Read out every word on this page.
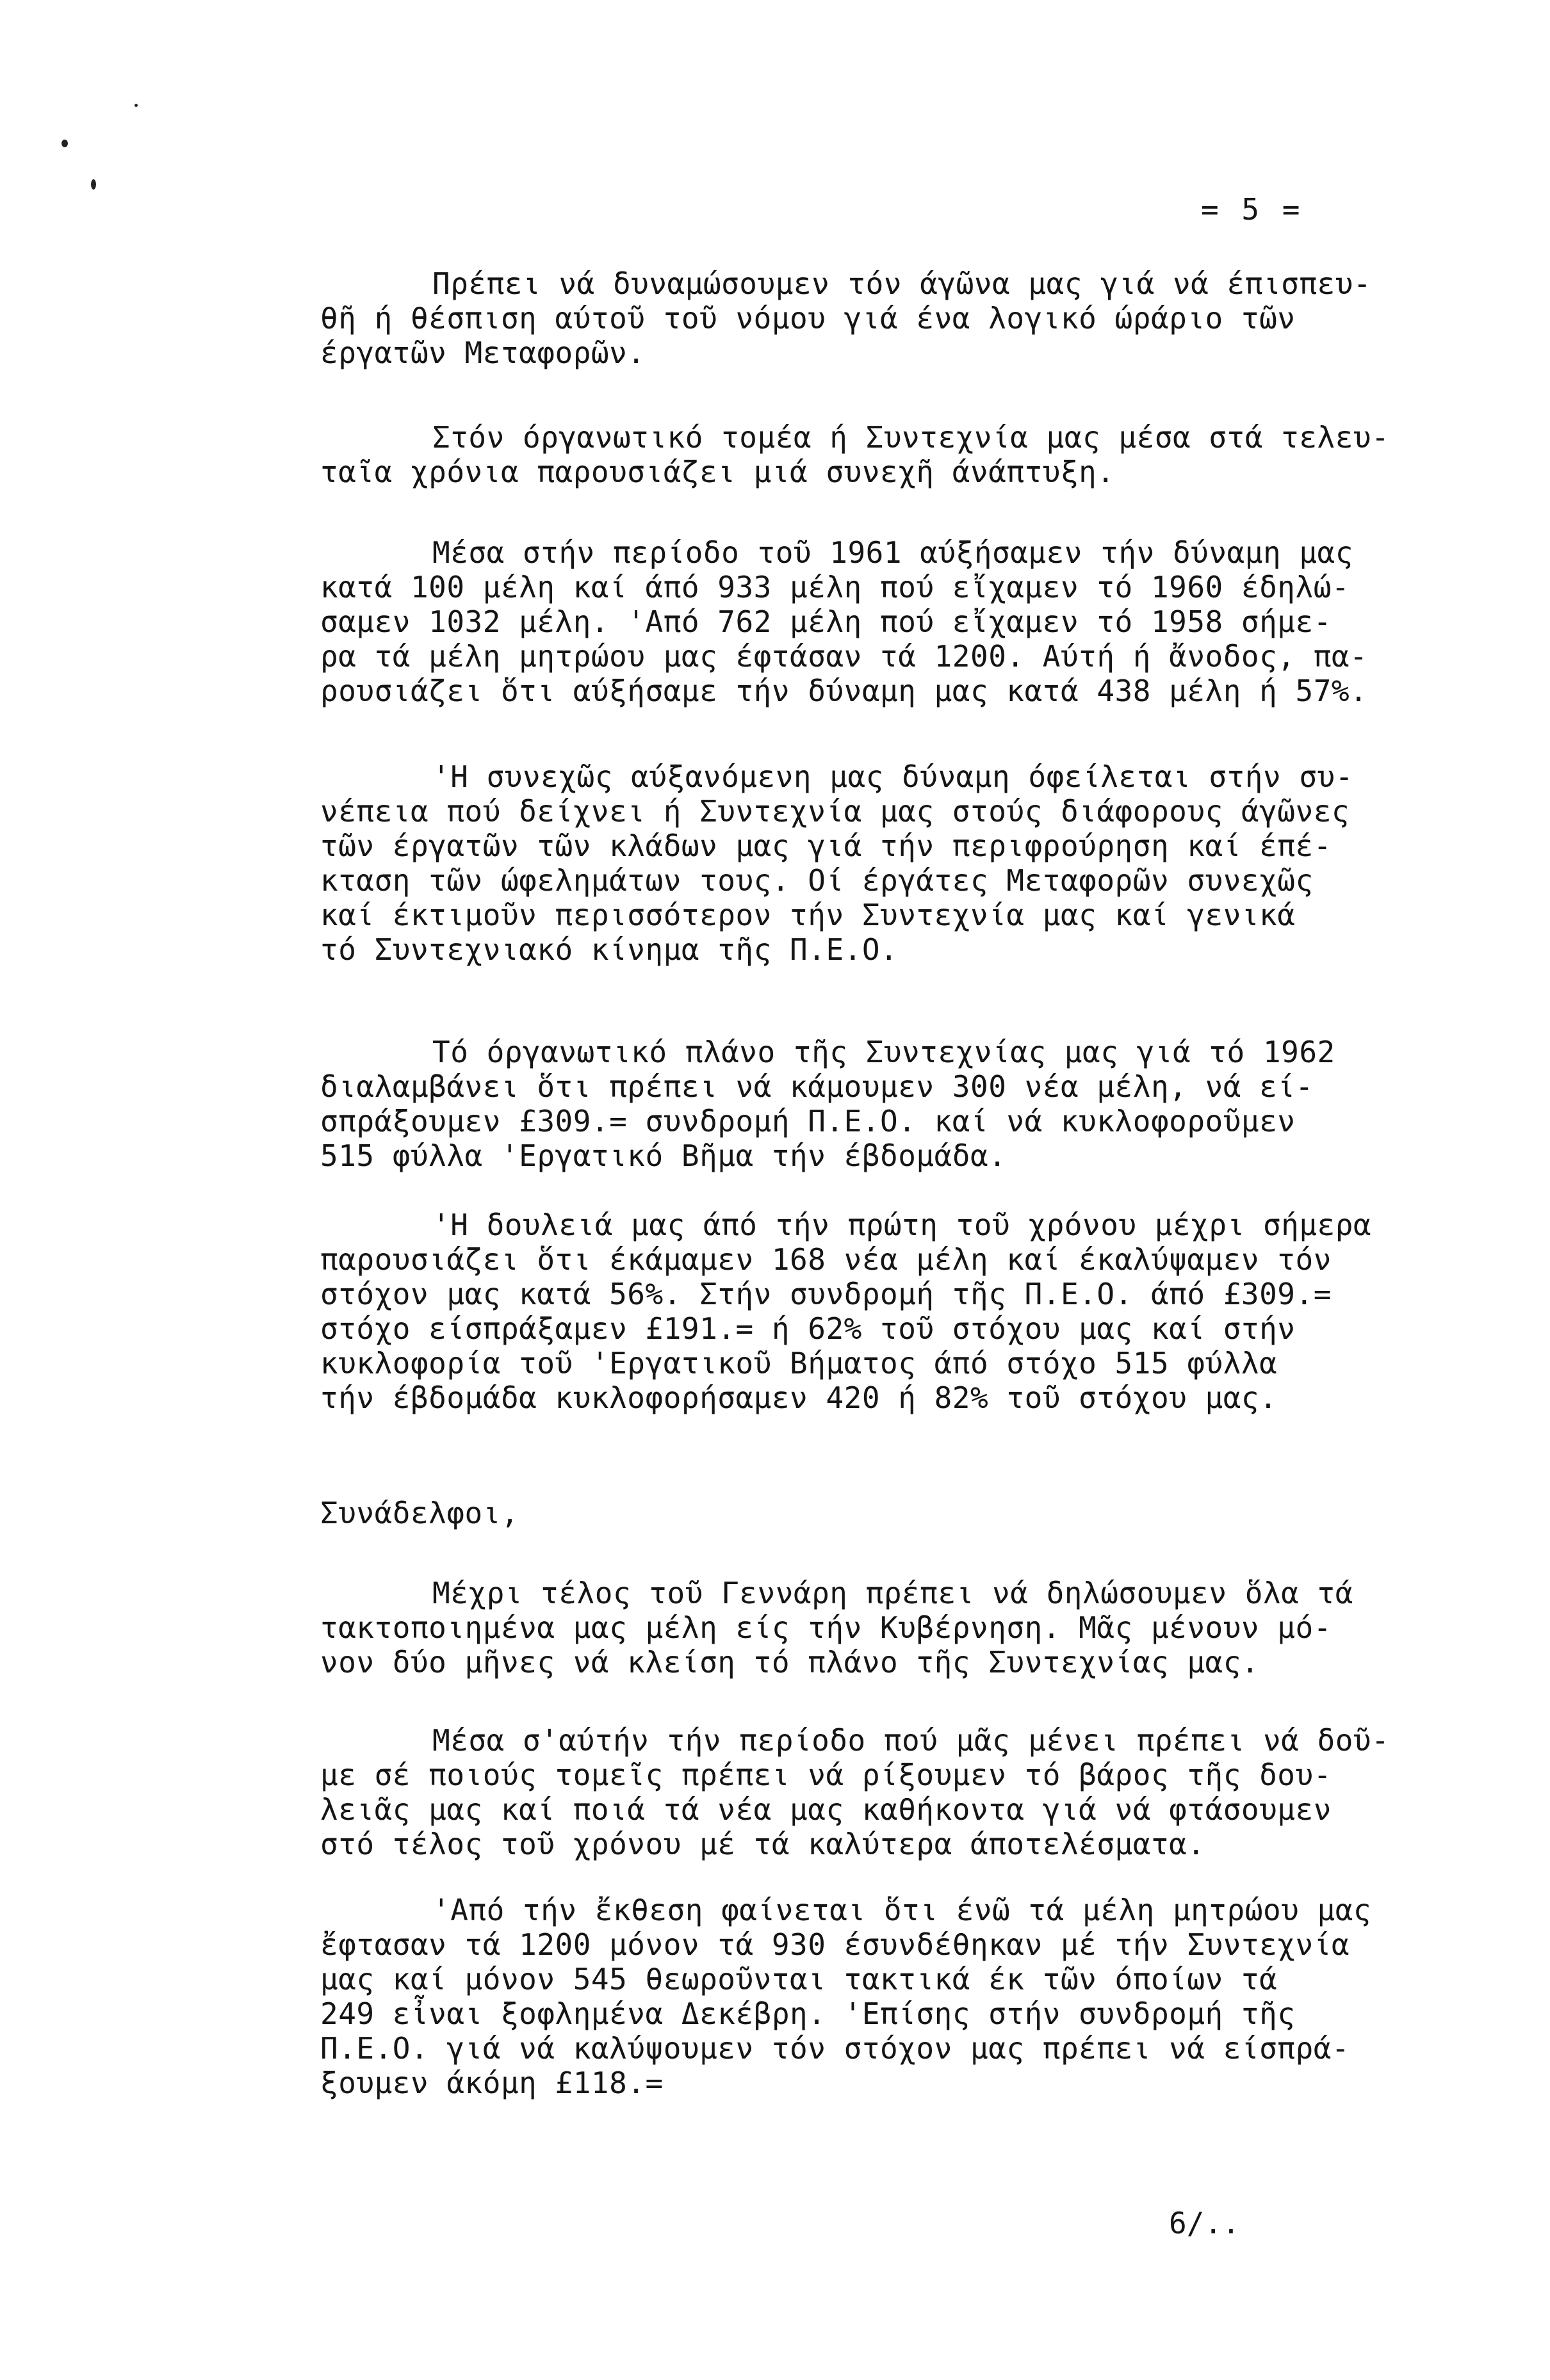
= 5 =
Πρέπει νά δυναμώσουμεν τόν άγῶνα μας γιά νά έπισπευ-
θῆ ή θέσπιση αύτοῦ τοῦ νόμου γιά ένα λογικό ώράριο τῶν
έργατῶν Μεταφορῶν.
Στόν όργανωτικό τομέα ή Συντεχνία μας μέσα στά τελευ-
ταῖα χρόνια παρουσιάζει μιά συνεχῆ άνάπτυξη.
Μέσα στήν περίοδο τοῦ 1961 αύξήσαμεν τήν δύναμη μας
κατά 100 μέλη καί άπό 933 μέλη πού εἴχαμεν τό 1960 έδηλώ-
σαμεν 1032 μέλη. 'Από 762 μέλη πού εἴχαμεν τό 1958 σήμε-
ρα τά μέλη μητρώου μας έφτάσαν τά 1200. Αύτή ή ἄνοδος, πα-
ρουσιάζει ὅτι αύξήσαμε τήν δύναμη μας κατά 438 μέλη ή 57%.
'Η συνεχῶς αύξανόμενη μας δύναμη όφείλεται στήν συ-
νέπεια πού δείχνει ή Συντεχνία μας στούς διάφορους άγῶνες
τῶν έργατῶν τῶν κλάδων μας γιά τήν περιφρούρηση καί έπέ-
κταση τῶν ώφελημάτων τους. Οί έργάτες Μεταφορῶν συνεχῶς
καί έκτιμοῦν περισσότερον τήν Συντεχνία μας καί γενικά
τό Συντεχνιακό κίνημα τῆς Π.Ε.Ο.
Τό όργανωτικό πλάνο τῆς Συντεχνίας μας γιά τό 1962
διαλαμβάνει ὅτι πρέπει νά κάμουμεν 300 νέα μέλη, νά εί-
σπράξουμεν £309.= συνδρομή Π.Ε.Ο. καί νά κυκλοφοροῦμεν
515 φύλλα 'Εργατικό Βῆμα τήν έβδομάδα.
'Η δουλειά μας άπό τήν πρώτη τοῦ χρόνου μέχρι σήμερα
παρουσιάζει ὅτι έκάμαμεν 168 νέα μέλη καί έκαλύψαμεν τόν
στόχον μας κατά 56%. Στήν συνδρομή τῆς Π.Ε.Ο. άπό £309.=
στόχο είσπράξαμεν £191.= ή 62% τοῦ στόχου μας καί στήν
κυκλοφορία τοῦ 'Εργατικοῦ Βήματος άπό στόχο 515 φύλλα
τήν έβδομάδα κυκλοφορήσαμεν 420 ή 82% τοῦ στόχου μας.
Συνάδελφοι,
Μέχρι τέλος τοῦ Γεννάρη πρέπει νά δηλώσουμεν ὅλα τά
τακτοποιημένα μας μέλη είς τήν Κυβέρνηση. Μᾶς μένουν μό-
νον δύο μῆνες νά κλείση τό πλάνο τῆς Συντεχνίας μας.
Μέσα σ'αύτήν τήν περίοδο πού μᾶς μένει πρέπει νά δοῦ-
με σέ ποιούς τομεῖς πρέπει νά ρίξουμεν τό βάρος τῆς δου-
λειᾶς μας καί ποιά τά νέα μας καθήκοντα γιά νά φτάσουμεν
στό τέλος τοῦ χρόνου μέ τά καλύτερα άποτελέσματα.
'Από τήν ἔκθεση φαίνεται ὅτι ένῶ τά μέλη μητρώου μας
ἔφτασαν τά 1200 μόνον τά 930 έσυνδέθηκαν μέ τήν Συντεχνία
μας καί μόνον 545 θεωροῦνται τακτικά έκ τῶν όποίων τά
249 εἶναι ξοφλημένα Δεκέβρη. 'Επίσης στήν συνδρομή τῆς
Π.Ε.Ο. γιά νά καλύψουμεν τόν στόχον μας πρέπει νά είσπρά-
ξουμεν άκόμη £118.=
6/..
